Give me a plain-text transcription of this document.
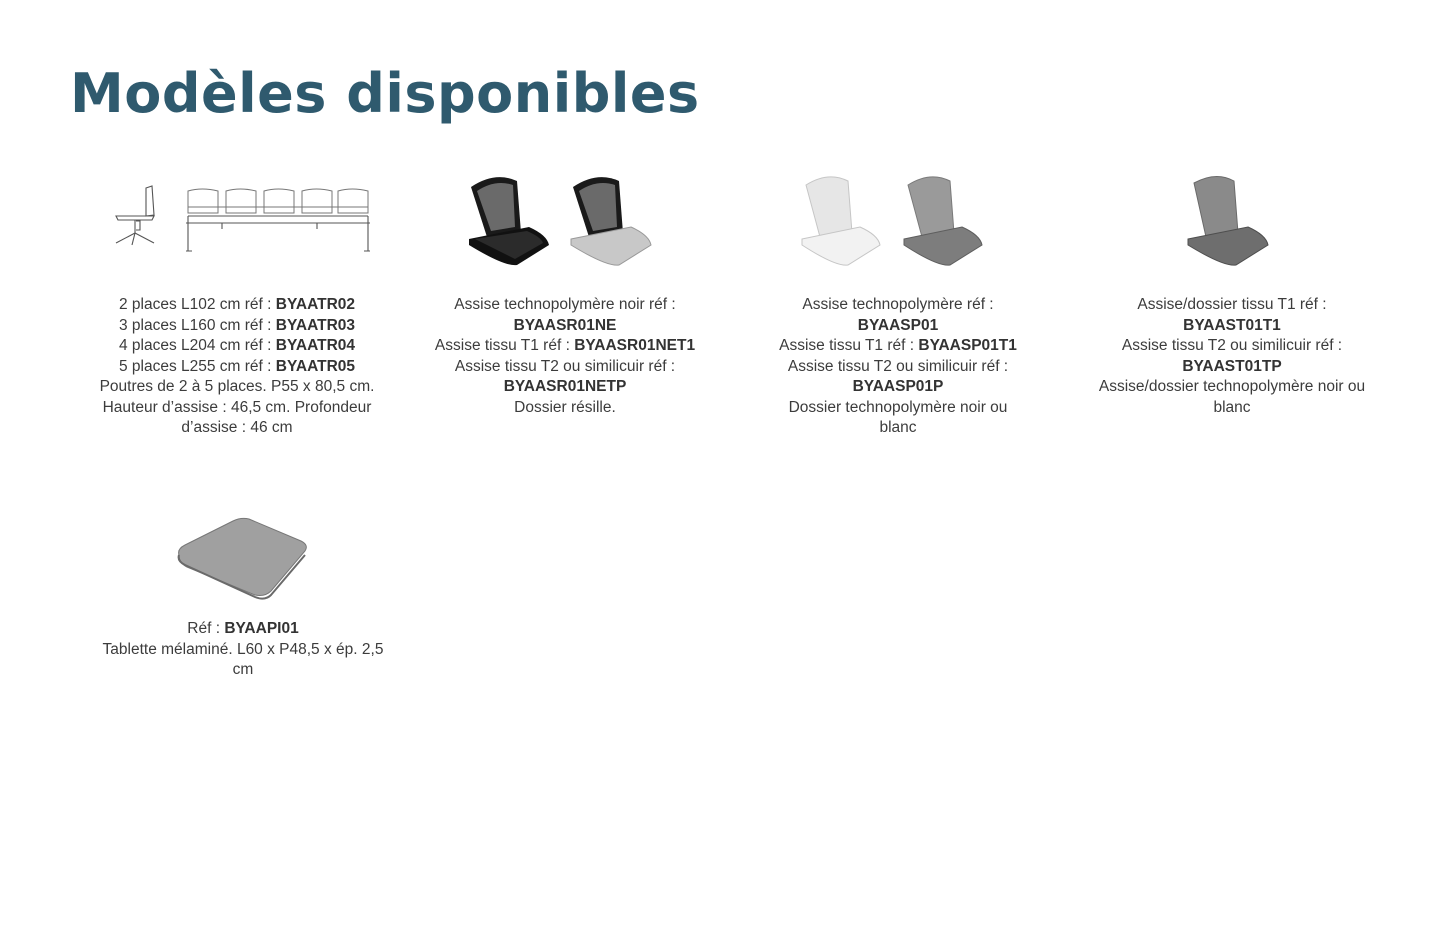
Modèles disponibles
2 places L102 cm réf : BYAATR02
3 places L160 cm réf : BYAATR03
4 places L204 cm réf : BYAATR04
5 places L255 cm réf : BYAATR05
Poutres de 2 à 5 places. P55 x 80,5 cm. Hauteur d’assise : 46,5 cm. Profondeur d’assise : 46 cm
Assise technopolymère noir réf :
BYAASR01NE
Assise tissu T1 réf : BYAASR01NET1
Assise tissu T2 ou similicuir réf :
BYAASR01NETP
Dossier résille.
Assise technopolymère réf :
BYAASP01
Assise tissu T1 réf : BYAASP01T1
Assise tissu T2 ou similicuir réf :
BYAASP01P
Dossier technopolymère noir ou blanc
Assise/dossier tissu T1 réf :
BYAAST01T1
Assise tissu T2 ou similicuir réf :
BYAAST01TP
Assise/dossier technopolymère noir ou blanc
Réf : BYAAPI01
Tablette mélaminé. L60 x P48,5 x ép. 2,5 cm
